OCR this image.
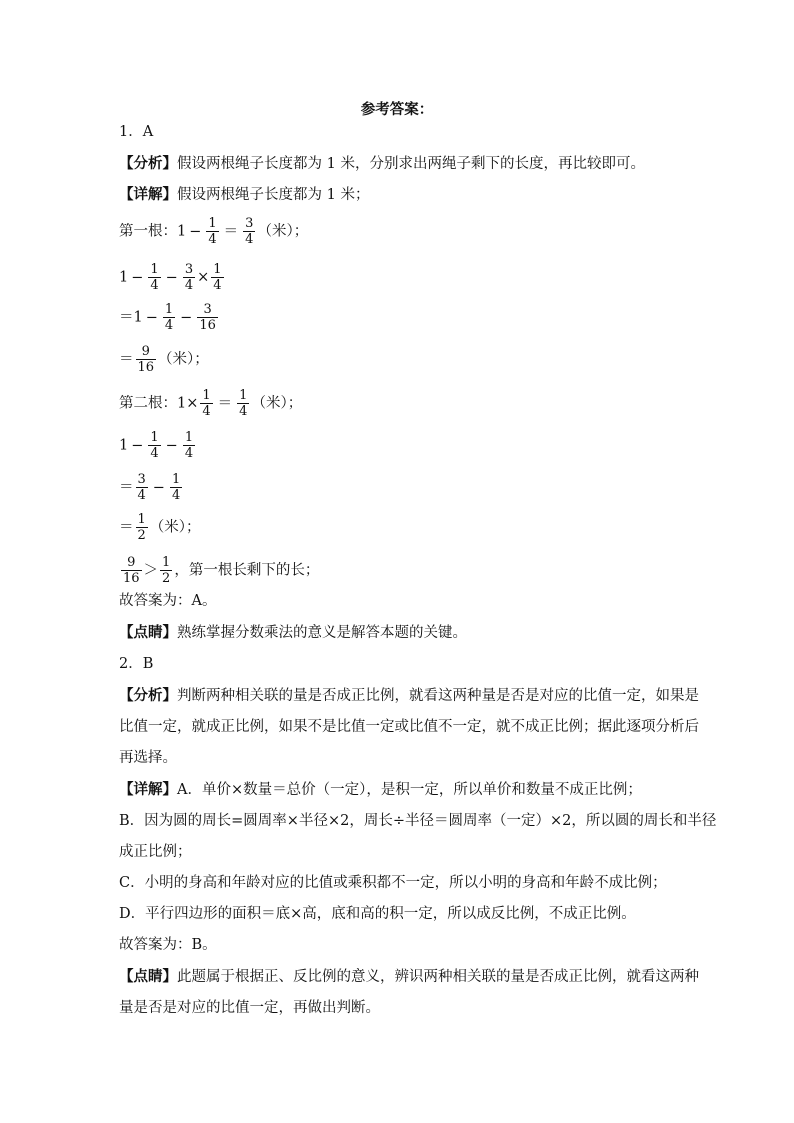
参考答案：
1．A
【分析】假设两根绳子长度都为 1 米，分别求出两绳子剩下的长度，再比较即可。
【详解】假设两根绳子长度都为 1 米；
第一根：$1 - \frac{1}{4} = \frac{3}{4}$ （米）；
$1 - \frac{1}{4} - \frac{3}{4} \times \frac{1}{4}$
$=1 - \frac{1}{4} - \frac{3}{16}$
＝ $\frac{9}{16}$ （米）；
第二根：$1\times \frac{1}{4} = \frac{1}{4}$ （米）；
$1 - \frac{1}{4} - \frac{1}{4}$
＝ $\frac{3}{4} - \frac{1}{4}$
＝ $\frac{1}{2}$ （米）；
$\frac{9}{16} > \frac{1}{2}$ ，第一根长剩下的长；
故答案为：A。
【点睛】熟练掌握分数乘法的意义是解答本题的关键。
2．B
【分析】判断两种相关联的量是否成正比例，就看这两种量是否是对应的比值一定，如果是
比值一定，就成正比例，如果不是比值一定或比值不一定，就不成正比例；据此逐项分析后
再选择。
【详解】A．单价×数量＝总价（一定），是积一定，所以单价和数量不成正比例；
B．因为圆的周长=圆周率×半径×2，周长÷半径＝圆周率（一定）×2，所以圆的周长和半径
成正比例；
C．小明的身高和年龄对应的比值或乘积都不一定，所以小明的身高和年龄不成比例；
D．平行四边形的面积＝底×高，底和高的积一定，所以成反比例，不成正比例。
故答案为：B。
【点睛】此题属于根据正、反比例的意义，辨识两种相关联的量是否成正比例，就看这两种
量是否是对应的比值一定，再做出判断。
